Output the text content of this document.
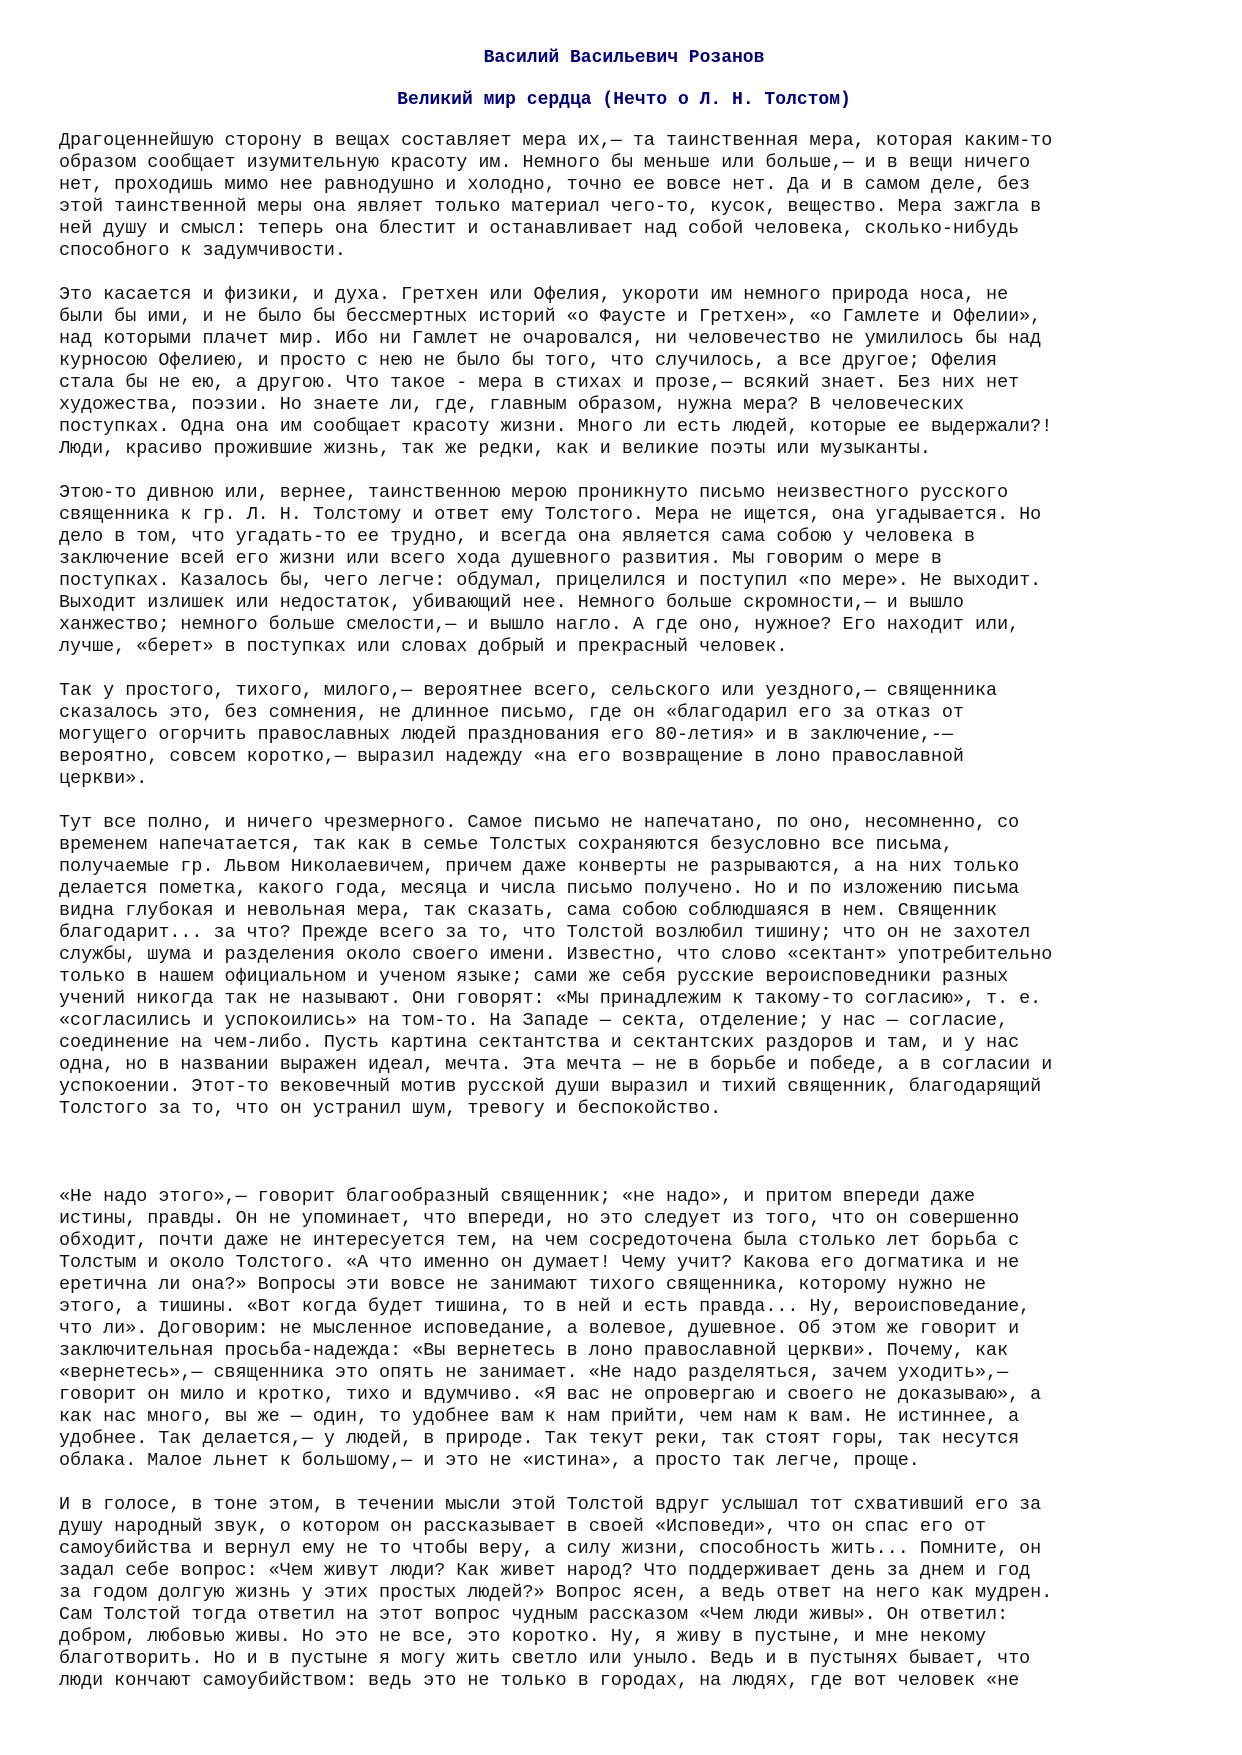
Василий Васильевич Розанов
Великий мир сердца (Нечто о Л. Н. Толстом)

Драгоценнейшую сторону в вещах составляет мера их,— та таинственная мера, которая каким-то
образом сообщает изумительную красоту им. Немного бы меньше или больше,— и в вещи ничего
нет, проходишь мимо нее равнодушно и холодно, точно ее вовсе нет. Да и в самом деле, без
этой таинственной меры она являет только материал чего-то, кусок, вещество. Мера зажгла в
ней душу и смысл: теперь она блестит и останавливает над собой человека, сколько-нибудь
способного к задумчивости.

Это касается и физики, и духа. Гретхен или Офелия, укороти им немного природа носа, не
были бы ими, и не было бы бессмертных историй «о Фаусте и Гретхен», «о Гамлете и Офелии»,
над которыми плачет мир. Ибо ни Гамлет не очаровался, ни человечество не умилилось бы над
курносою Офелиею, и просто с нею не было бы того, что случилось, а все другое; Офелия
стала бы не ею, а другою. Что такое - мера в стихах и прозе,— всякий знает. Без них нет
художества, поэзии. Но знаете ли, где, главным образом, нужна мера? В человеческих
поступках. Одна она им сообщает красоту жизни. Много ли есть людей, которые ее выдержали?!
Люди, красиво прожившие жизнь, так же редки, как и великие поэты или музыканты.

Этою-то дивною или, вернее, таинственною мерою проникнуто письмо неизвестного русского
священника к гр. Л. Н. Толстому и ответ ему Толстого. Мера не ищется, она угадывается. Но
дело в том, что угадать-то ее трудно, и всегда она является сама собою у человека в
заключение всей его жизни или всего хода душевного развития. Мы говорим о мере в
поступках. Казалось бы, чего легче: обдумал, прицелился и поступил «по мере». Не выходит.
Выходит излишек или недостаток, убивающий нее. Немного больше скромности,— и вышло
ханжество; немного больше смелости,— и вышло нагло. А где оно, нужное? Его находит или,
лучше, «берет» в поступках или словах добрый и прекрасный человек.

Так у простого, тихого, милого,— вероятнее всего, сельского или уездного,— священника
сказалось это, без сомнения, не длинное письмо, где он «благодарил его за отказ от
могущего огорчить православных людей празднования его 80-летия» и в заключение,-—
вероятно, совсем коротко,— выразил надежду «на его возвращение в лоно православной
церкви».

Тут все полно, и ничего чрезмерного. Самое письмо не напечатано, по оно, несомненно, со
временем напечатается, так как в семье Толстых сохраняются безусловно все письма,
получаемые гр. Львом Николаевичем, причем даже конверты не разрываются, а на них только
делается пометка, какого года, месяца и числа письмо получено. Но и по изложению письма
видна глубокая и невольная мера, так сказать, сама собою соблюдшаяся в нем. Священник
благодарит... за что? Прежде всего за то, что Толстой возлюбил тишину; что он не захотел
службы, шума и разделения около своего имени. Известно, что слово «сектант» употребительно
только в нашем официальном и ученом языке; сами же себя русские вероисповедники разных
учений никогда так не называют. Они говорят: «Мы принадлежим к такому-то согласию», т. е.
«согласились и успокоились» на том-то. На Западе — секта, отделение; у нас — согласие,
соединение на чем-либо. Пусть картина сектантства и сектантских раздоров и там, и у нас
одна, но в названии выражен идеал, мечта. Эта мечта — не в борьбе и победе, а в согласии и
успокоении. Этот-то вековечный мотив русской души выразил и тихий священник, благодарящий
Толстого за то, что он устранил шум, тревогу и беспокойство.

«Не надо этого»,— говорит благообразный священник; «не надо», и притом впереди даже
истины, правды. Он не упоминает, что впереди, но это следует из того, что он совершенно
обходит, почти даже не интересуется тем, на чем сосредоточена была столько лет борьба с
Толстым и около Толстого. «А что именно он думает! Чему учит? Какова его догматика и не
еретична ли она?» Вопросы эти вовсе не занимают тихого священника, которому нужно не
этого, а тишины. «Вот когда будет тишина, то в ней и есть правда... Ну, вероисповедание,
что ли». Договорим: не мысленное исповедание, а волевое, душевное. Об этом же говорит и
заключительная просьба-надежда: «Вы вернетесь в лоно православной церкви». Почему, как
«вернетесь»,— священника это опять не занимает. «Не надо разделяться, зачем уходить»,—
говорит он мило и кротко, тихо и вдумчиво. «Я вас не опровергаю и своего не доказываю», а
как нас много, вы же — один, то удобнее вам к нам прийти, чем нам к вам. Не истиннее, а
удобнее. Так делается,— у людей, в природе. Так текут реки, так стоят горы, так несутся
облака. Малое льнет к большому,— и это не «истина», а просто так легче, проще.

И в голосе, в тоне этом, в течении мысли этой Толстой вдруг услышал тот схвативший его за
душу народный звук, о котором он рассказывает в своей «Исповеди», что он спас его от
самоубийства и вернул ему не то чтобы веру, а силу жизни, способность жить... Помните, он
задал себе вопрос: «Чем живут люди? Как живет народ? Что поддерживает день за днем и год
за годом долгую жизнь у этих простых людей?» Вопрос ясен, а ведь ответ на него как мудрен.
Сам Толстой тогда ответил на этот вопрос чудным рассказом «Чем люди живы». Он ответил:
добром, любовью живы. Но это не все, это коротко. Ну, я живу в пустыне, и мне некому
благотворить. Но и в пустыне я могу жить светло или уныло. Ведь и в пустынях бывает, что
люди кончают самоубийством: ведь это не только в городах, на людях, где вот человек «не
